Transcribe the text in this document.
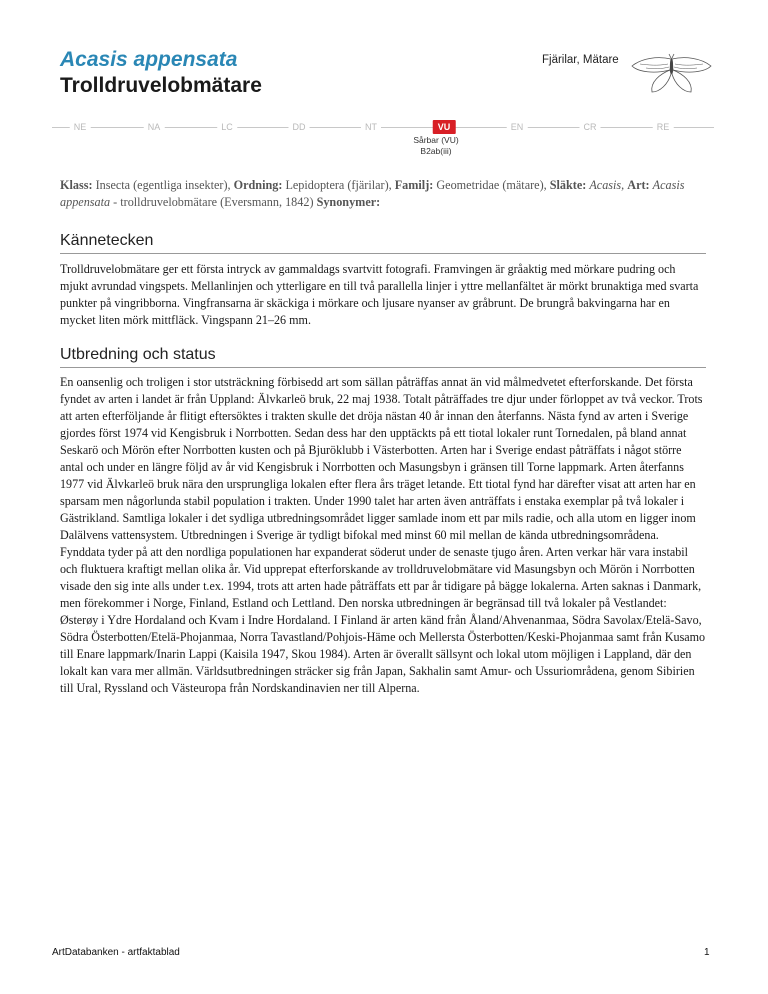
Acasis appensata
Trolldruvelobmätare
Fjärilar, Mätare
NE	NA	LC	DD	NT	VU	EN	CR	RE
Sårbar (VU)
B2ab(iii)
Klass: Insecta (egentliga insekter), Ordning: Lepidoptera (fjärilar), Familj: Geometridae (mätare), Släkte: Acasis, Art: Acasis appensata - trolldruvelobmätare (Eversmann, 1842) Synonymer:
Kännetecken
Trolldruvelobmätare ger ett första intryck av gammaldags svartvitt fotografi. Framvingen är gråaktig med mörkare pudring och mjukt avrundad vingspets. Mellanlinjen och ytterligare en till två parallella linjer i yttre mellanfältet är mörkt brunaktiga med svarta punkter på vingribborna. Vingfransarna är skäckiga i mörkare och ljusare nyanser av gråbrunt. De brungrå bakvingarna har en mycket liten mörk mittfläck. Vingspann 21–26 mm.
Utbredning och status
En oansenlig och troligen i stor utsträckning förbisedd art som sällan påträffas annat än vid målmedvetet efterforskande. Det första fyndet av arten i landet är från Uppland: Älvkarleö bruk, 22 maj 1938. Totalt påträffades tre djur under förloppet av två veckor. Trots att arten efterföljande år flitigt eftersöktes i trakten skulle det dröja nästan 40 år innan den återfanns. Nästa fynd av arten i Sverige gjordes först 1974 vid Kengisbruk i Norrbotten. Sedan dess har den upptäckts på ett tiotal lokaler runt Tornedalen, på bland annat Seskarö och Mörön efter Norrbotten kusten och på Bjuröklubb i Västerbotten. Arten har i Sverige endast påträffats i något större antal och under en längre följd av år vid Kengisbruk i Norrbotten och Masungsbyn i gränsen till Torne lappmark. Arten återfanns 1977 vid Älvkarleö bruk nära den ursprungliga lokalen efter flera års träget letande. Ett tiotal fynd har därefter visat att arten har en sparsam men någorlunda stabil population i trakten. Under 1990 talet har arten även anträffats i enstaka exemplar på två lokaler i Gästrikland. Samtliga lokaler i det sydliga utbredningsområdet ligger samlade inom ett par mils radie, och alla utom en ligger inom Dalälvens vattensystem. Utbredningen i Sverige är tydligt bifokal med minst 60 mil mellan de kända utbredningsområdena. Fynddata tyder på att den nordliga populationen har expanderat söderut under de senaste tjugo åren. Arten verkar här vara instabil och fluktuera kraftigt mellan olika år. Vid upprepat efterforskande av trolldruvelobmätare vid Masungsbyn och Mörön i Norrbotten visade den sig inte alls under t.ex. 1994, trots att arten hade påträffats ett par år tidigare på bägge lokalerna. Arten saknas i Danmark, men förekommer i Norge, Finland, Estland och Lettland. Den norska utbredningen är begränsad till två lokaler på Vestlandet: Østerøy i Ydre Hordaland och Kvam i Indre Hordaland. I Finland är arten känd från Åland/Ahvenanmaa, Södra Savolax/Etelä-Savo, Södra Österbotten/Etelä-Phojanmaa, Norra Tavastland/Pohjois-Häme och Mellersta Österbotten/Keski-Phojanmaa samt från Kusamo till Enare lappmark/Inarin Lappi (Kaisila 1947, Skou 1984). Arten är överallt sällsynt och lokal utom möjligen i Lappland, där den lokalt kan vara mer allmän. Världsutbredningen sträcker sig från Japan, Sakhalin samt Amur- och Ussuriområdena, genom Sibirien till Ural, Ryssland och Västeuropa från Nordskandinavien ner till Alperna.
ArtDatabanken - artfaktablad	1
